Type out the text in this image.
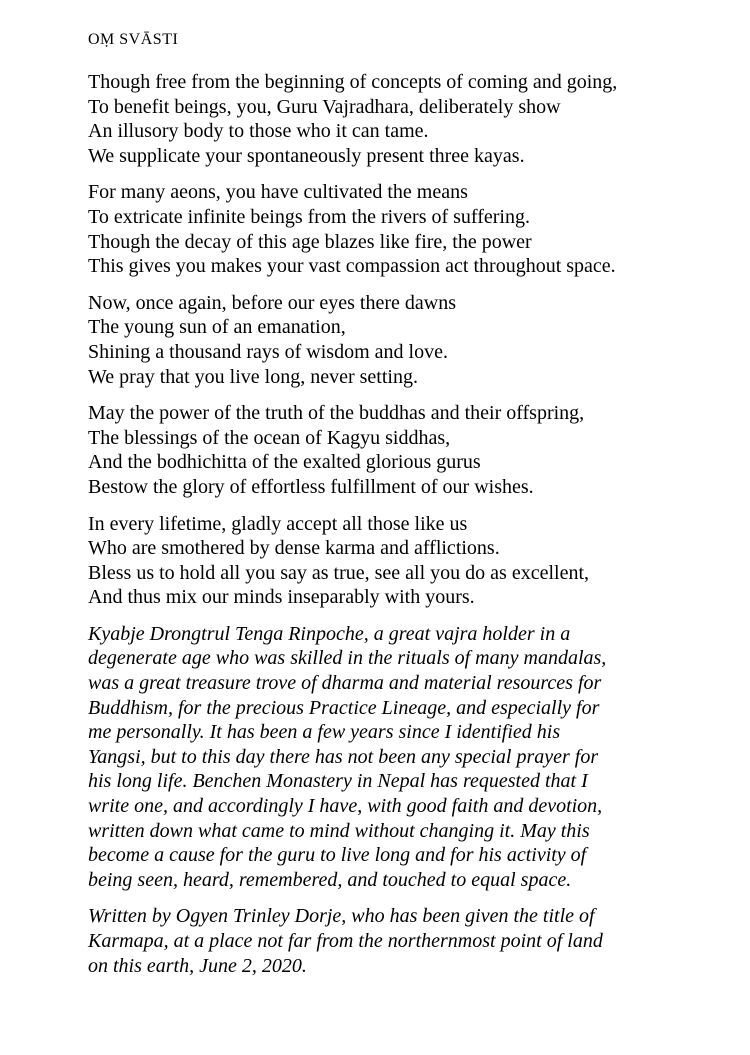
OṂ SVĀSTI

Though free from the beginning of concepts of coming and going,
To benefit beings, you, Guru Vajradhara, deliberately show
An illusory body to those who it can tame.
We supplicate your spontaneously present three kayas.

For many aeons, you have cultivated the means
To extricate infinite beings from the rivers of suffering.
Though the decay of this age blazes like fire, the power
This gives you makes your vast compassion act throughout space.

Now, once again, before our eyes there dawns
The young sun of an emanation,
Shining a thousand rays of wisdom and love.
We pray that you live long, never setting.

May the power of the truth of the buddhas and their offspring,
The blessings of the ocean of Kagyu siddhas,
And the bodhichitta of the exalted glorious gurus
Bestow the glory of effortless fulfillment of our wishes.

In every lifetime, gladly accept all those like us
Who are smothered by dense karma and afflictions.
Bless us to hold all you say as true, see all you do as excellent,
And thus mix our minds inseparably with yours.

Kyabje Drongtrul Tenga Rinpoche, a great vajra holder in a
degenerate age who was skilled in the rituals of many mandalas,
was a great treasure trove of dharma and material resources for
Buddhism, for the precious Practice Lineage, and especially for
me personally. It has been a few years since I identified his
Yangsi, but to this day there has not been any special prayer for
his long life. Benchen Monastery in Nepal has requested that I
write one, and accordingly I have, with good faith and devotion,
written down what came to mind without changing it. May this
become a cause for the guru to live long and for his activity of
being seen, heard, remembered, and touched to equal space.

Written by Ogyen Trinley Dorje, who has been given the title of
Karmapa, at a place not far from the northernmost point of land
on this earth, June 2, 2020.
